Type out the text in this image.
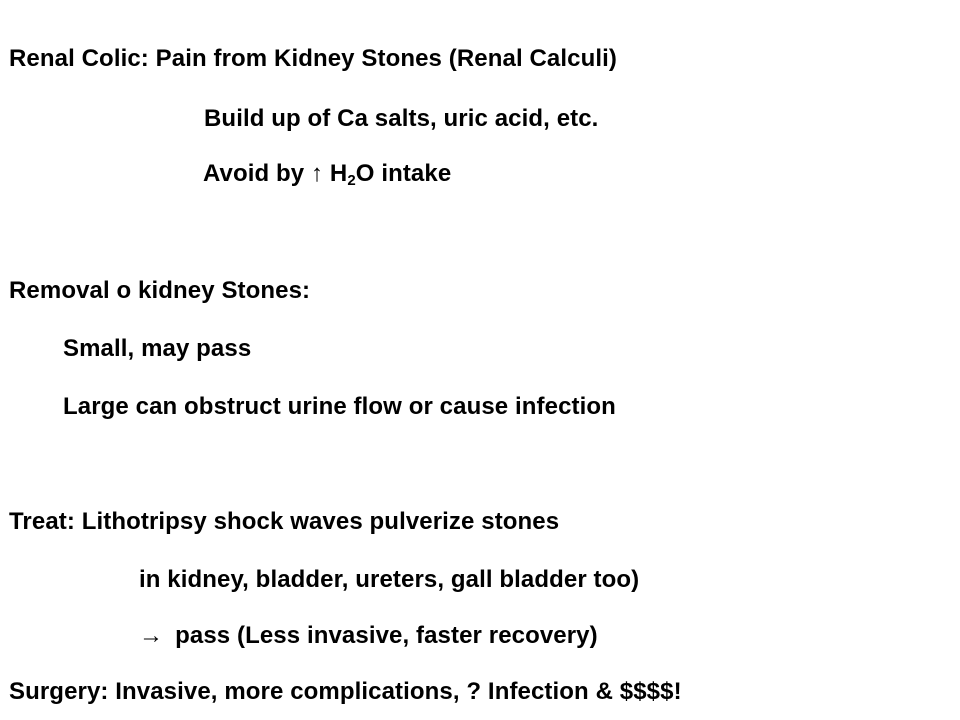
Renal Colic: Pain from Kidney Stones (Renal Calculi)
Build up of Ca salts, uric acid, etc.
Avoid by ↑ $H_2O$ intake
Removal o kidney Stones:
Small, may pass
Large can obstruct urine flow or cause infection
Treat: Lithotripsy shock waves pulverize stones
in kidney, bladder, ureters, gall bladder too)
→ pass (Less invasive, faster recovery)
Surgery: Invasive, more complications, ? Infection & $$$$!
